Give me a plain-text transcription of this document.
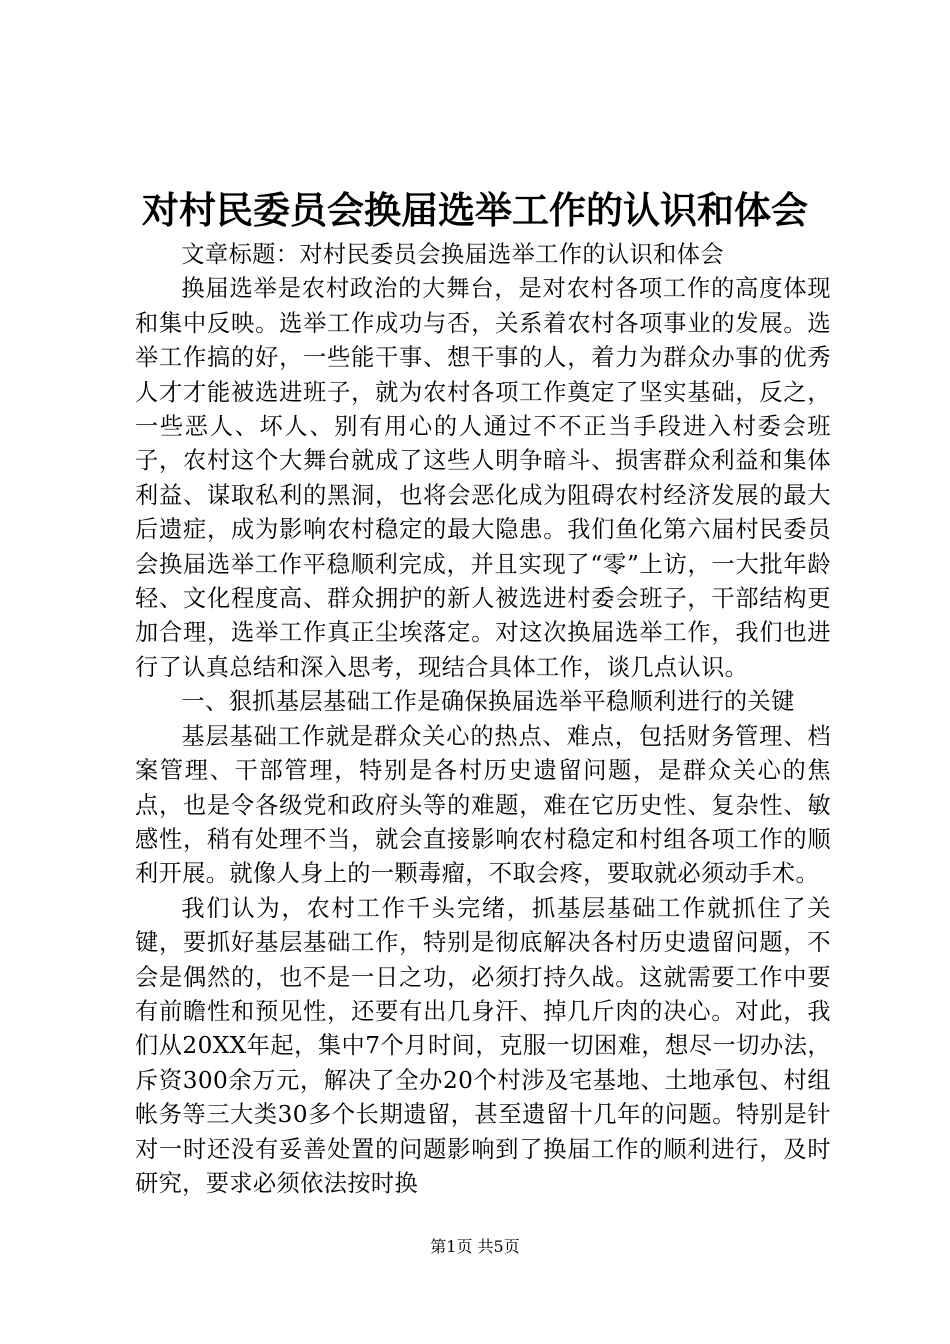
对村民委员会换届选举工作的认识和体会

文章标题：对村民委员会换届选举工作的认识和体会

换届选举是农村政治的大舞台，是对农村各项工作的高度体现和集中反映。选举工作成功与否，关系着农村各项事业的发展。选举工作搞的好，一些能干事、想干事的人，着力为群众办事的优秀人才才能被选进班子，就为农村各项工作奠定了坚实基础，反之，一些恶人、坏人、别有用心的人通过不不正当手段进入村委会班子，农村这个大舞台就成了这些人明争暗斗、损害群众利益和集体利益、谋取私利的黑洞，也将会恶化成为阻碍农村经济发展的最大后遗症，成为影响农村稳定的最大隐患。我们鱼化第六届村民委员会换届选举工作平稳顺利完成，并且实现了“零”上访，一大批年龄轻、文化程度高、群众拥护的新人被选进村委会班子，干部结构更加合理，选举工作真正尘埃落定。对这次换届选举工作，我们也进行了认真总结和深入思考，现结合具体工作，谈几点认识。

一、狠抓基层基础工作是确保换届选举平稳顺利进行的关键

基层基础工作就是群众关心的热点、难点，包括财务管理、档案管理、干部管理，特别是各村历史遗留问题，是群众关心的焦点，也是令各级党和政府头等的难题，难在它历史性、复杂性、敏感性，稍有处理不当，就会直接影响农村稳定和村组各项工作的顺利开展。就像人身上的一颗毒瘤，不取会疼，要取就必须动手术。

我们认为，农村工作千头完绪，抓基层基础工作就抓住了关键，要抓好基层基础工作，特别是彻底解决各村历史遗留问题，不会是偶然的，也不是一日之功，必须打持久战。这就需要工作中要有前瞻性和预见性，还要有出几身汗、掉几斤肉的决心。对此，我们从20XX年起，集中7个月时间，克服一切困难，想尽一切办法，斥资300余万元，解决了全办20个村涉及宅基地、土地承包、村组帐务等三大类30多个长期遗留，甚至遗留十几年的问题。特别是针对一时还没有妥善处置的问题影响到了换届工作的顺利进行，及时研究，要求必须依法按时换

第1页 共5页
